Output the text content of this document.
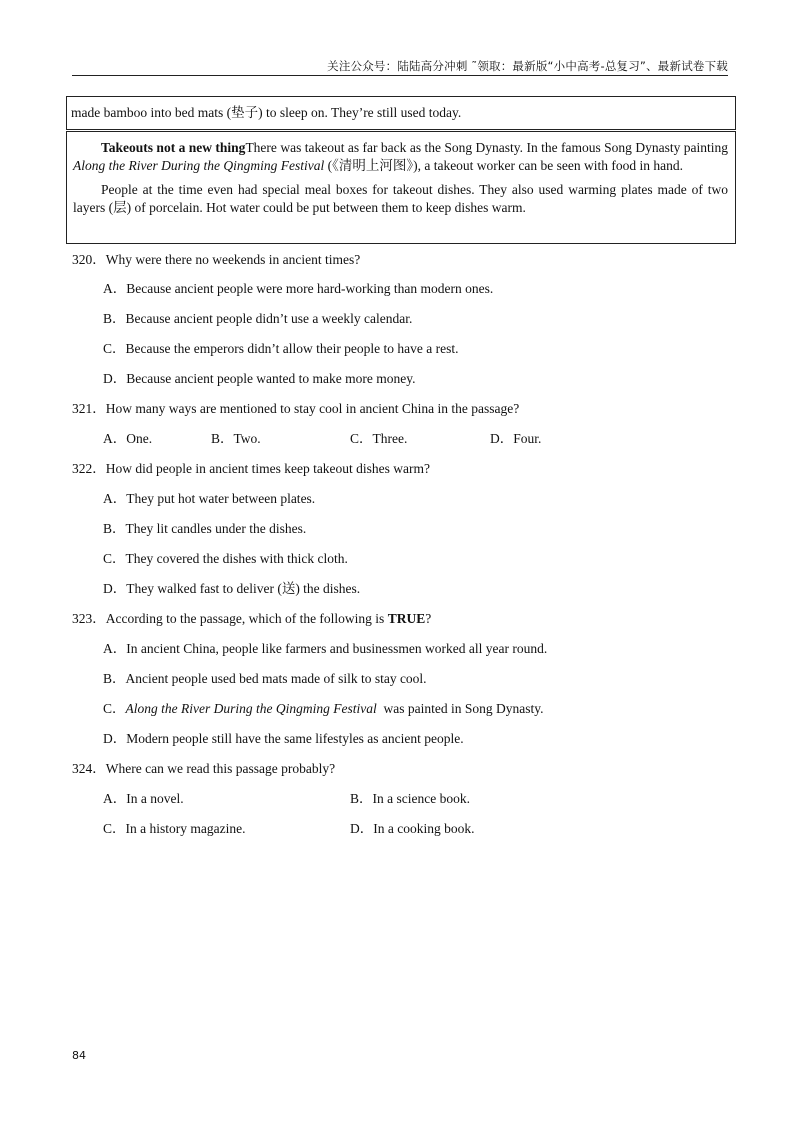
关注公众号：陆陆高分冲刺 ˜领取：最新版“小中高考-总复习”、最新试卷下载

made bamboo into bed mats (垫子) to sleep on. They’re still used today.

Takeouts not a new thingThere was takeout as far back as the Song Dynasty. In the famous Song Dynasty painting Along the River During the Qingming Festival (《清明上河图》), a takeout worker can be seen with food in hand.

People at the time even had special meal boxes for takeout dishes. They also used warming plates made of two layers (层) of porcelain. Hot water could be put between them to keep dishes warm.

320．Why were there no weekends in ancient times?
A．Because ancient people were more hard-working than modern ones.
B．Because ancient people didn’t use a weekly calendar.
C．Because the emperors didn’t allow their people to have a rest.
D．Because ancient people wanted to make more money.
321．How many ways are mentioned to stay cool in ancient China in the passage?
A．One.	B．Two.	C．Three.	D．Four.
322．How did people in ancient times keep takeout dishes warm?
A．They put hot water between plates.
B．They lit candles under the dishes.
C．They covered the dishes with thick cloth.
D．They walked fast to deliver (送) the dishes.
323．According to the passage, which of the following is TRUE?
A．In ancient China, people like farmers and businessmen worked all year round.
B．Ancient people used bed mats made of silk to stay cool.
C．Along the River During the Qingming Festival  was painted in Song Dynasty.
D．Modern people still have the same lifestyles as ancient people.
324．Where can we read this passage probably?
A．In a novel.	B．In a science book.
C．In a history magazine.	D．In a cooking book.
84
